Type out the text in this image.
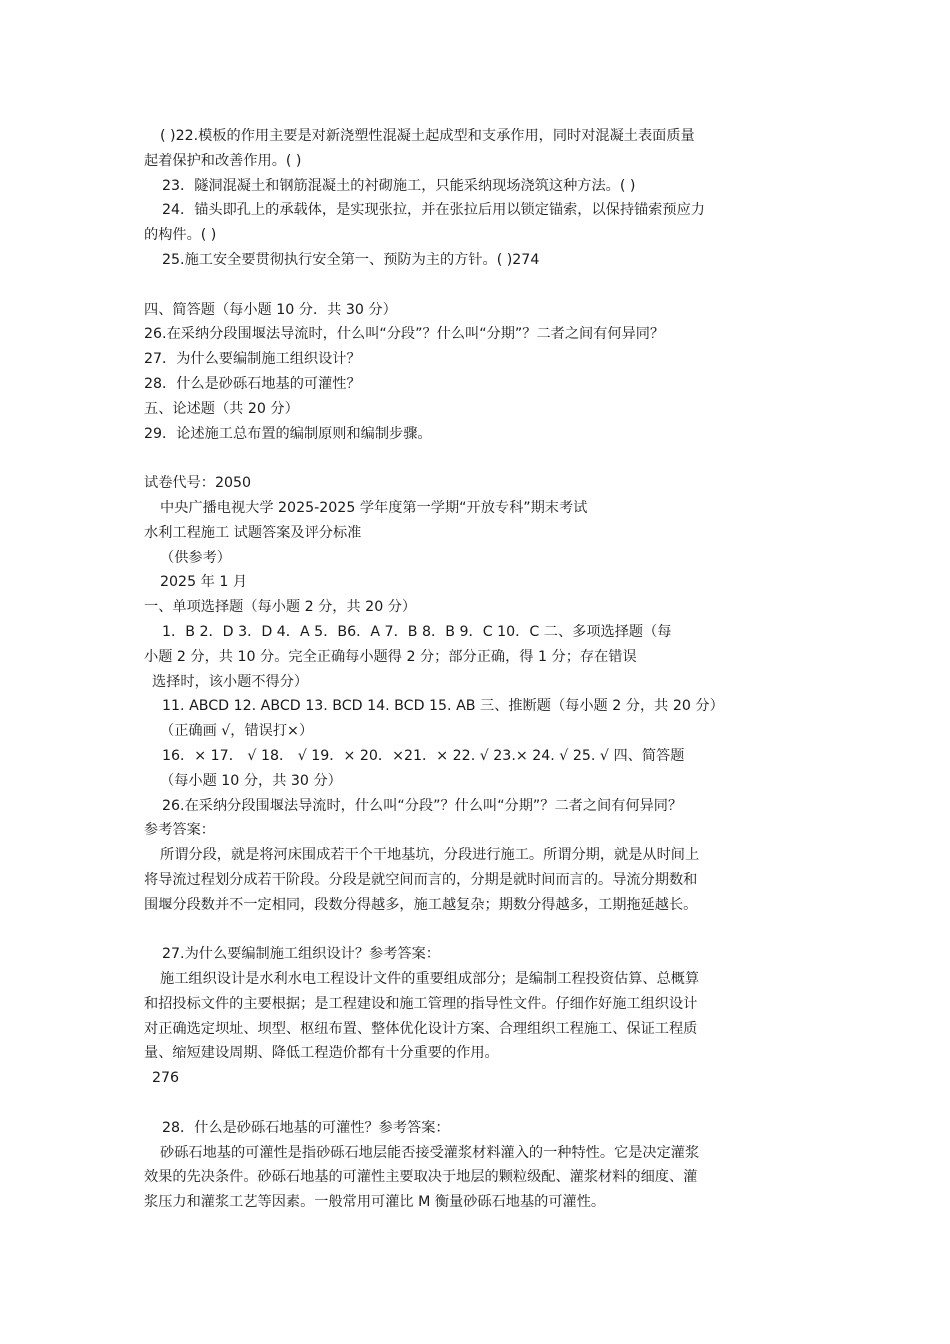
( )22.模板的作用主要是对新浇塑性混凝土起成型和支承作用，同时对混凝土表面质量

起着保护和改善作用。( )

23．隧洞混凝土和钢筋混凝土的衬砌施工，只能采纳现场浇筑这种方法。( )

24．锚头即孔上的承载体，是实现张拉，并在张拉后用以锁定锚索，以保持锚索预应力

的构件。( )

25.施工安全要贯彻执行安全第一、预防为主的方针。( )274

四、简答题（每小题 10 分．共 30 分）

26.在采纳分段围堰法导流时，什么叫“分段”？什么叫“分期”？二者之间有何异同？

27．为什么要编制施工组织设计？

28．什么是砂砾石地基的可灌性？

五、论述题（共 20 分）

29．论述施工总布置的编制原则和编制步骤。

试卷代号：2050

中央广播电视大学 2025-2025 学年度第一学期“开放专科”期末考试

水利工程施工 试题答案及评分标准

（供参考）

2025 年 1 月

一、单项选择题（每小题 2 分，共 20 分）

1．B 2．D 3．D 4．A 5．B6．A 7．B 8．B 9．C 10．C 二、多项选择题（每

小题 2 分，共 10 分。完全正确每小题得 2 分；部分正确，得 1 分；存在错误

选择时，该小题不得分）

11. ABCD 12. ABCD 13. BCD 14. BCD 15. AB 三、推断题（每小题 2 分，共 20 分）

（正确画 √，错误打×）

16．× 17． √ 18． √ 19．× 20．×21．× 22. √ 23.× 24. √ 25. √ 四、简答题

（每小题 10 分，共 30 分）

26.在采纳分段围堰法导流时，什么叫“分段”？什么叫“分期”？二者之间有何异同？

参考答案：

所谓分段，就是将河床围成若干个干地基坑，分段进行施工。所谓分期，就是从时间上

将导流过程划分成若干阶段。分段是就空间而言的，分期是就时间而言的。导流分期数和

围堰分段数并不一定相同，段数分得越多，施工越复杂；期数分得越多，工期拖延越长。

27.为什么要编制施工组织设计？参考答案：

施工组织设计是水利水电工程设计文件的重要组成部分；是编制工程投资估算、总概算

和招投标文件的主要根据；是工程建设和施工管理的指导性文件。仔细作好施工组织设计

对正确选定坝址、坝型、枢纽布置、整体优化设计方案、合理组织工程施工、保证工程质

量、缩短建设周期、降低工程造价都有十分重要的作用。

276

28．什么是砂砾石地基的可灌性？参考答案：

砂砾石地基的可灌性是指砂砾石地层能否接受灌浆材料灌入的一种特性。它是决定灌浆

效果的先决条件。砂砾石地基的可灌性主要取决于地层的颗粒级配、灌浆材料的细度、灌

浆压力和灌浆工艺等因素。一般常用可灌比 M 衡量砂砾石地基的可灌性。
